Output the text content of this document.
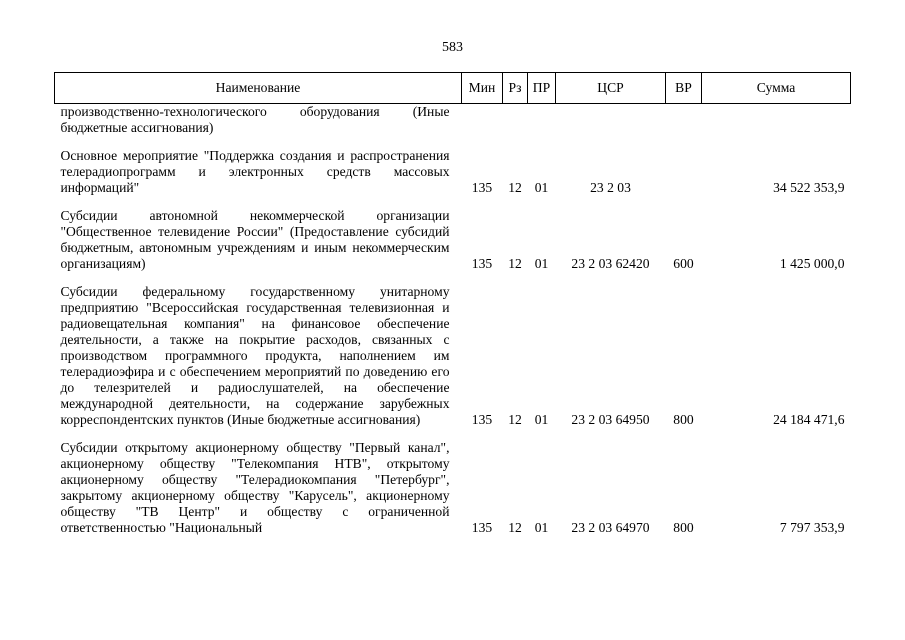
583
Наименование	Мин	Рз	ПР	ЦСР	ВР	Сумма
производственно-технологического оборудования (Иные бюджетные ассигнования)						

Основное мероприятие "Поддержка создания и распространения телерадиопрограмм и электронных средств массовых информаций"	135	12	01	23 2 03		34 522 353,9

Субсидии автономной некоммерческой организации "Общественное телевидение России" (Предоставление субсидий бюджетным, автономным учреждениям и иным некоммерческим организациям)	135	12	01	23 2 03 62420	600	1 425 000,0

Субсидии федеральному государственному унитарному предприятию "Всероссийская государственная телевизионная и радиовещательная компания" на финансовое обеспечение деятельности, а также на покрытие расходов, связанных с производством программного продукта, наполнением им телерадиоэфира и с обеспечением мероприятий по доведению его до телезрителей и радиослушателей, на обеспечение международной деятельности, на содержание зарубежных корреспондентских пунктов (Иные бюджетные ассигнования)	135	12	01	23 2 03 64950	800	24 184 471,6

Субсидии открытому акционерному обществу "Первый канал", акционерному обществу "Телекомпания НТВ", открытому акционерному обществу "Телерадиокомпания "Петербург", закрытому акционерному обществу "Карусель", акционерному обществу "ТВ Центр" и обществу с ограниченной ответственностью "Национальный	135	12	01	23 2 03 64970	800	7 797 353,9
